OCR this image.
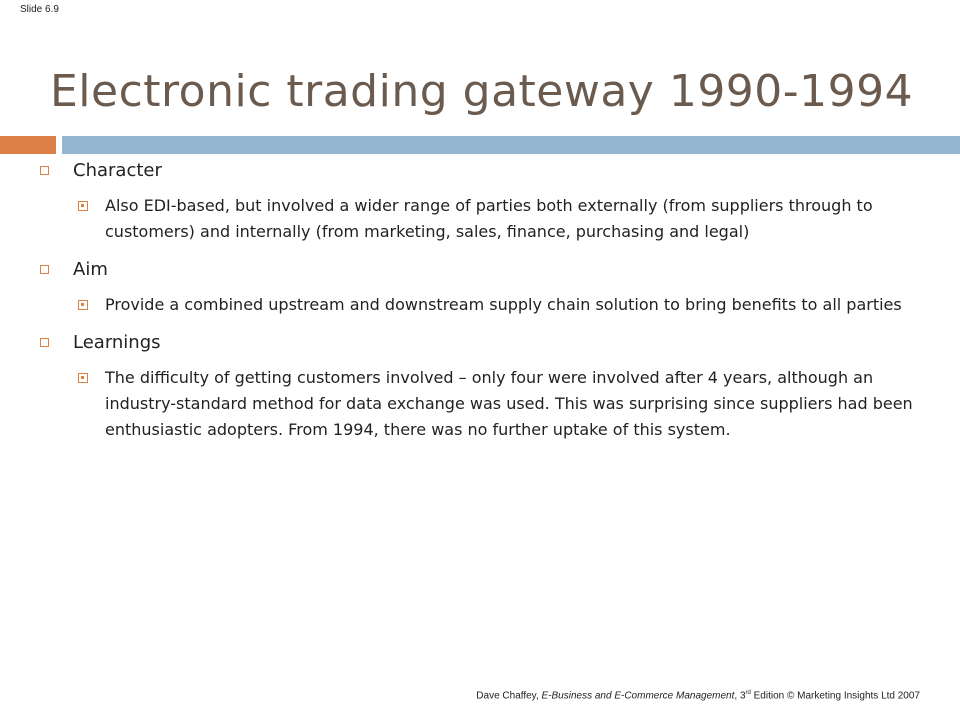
Slide 6.9
Electronic trading gateway 1990-1994
Character
Also EDI-based, but involved a wider range of parties both externally (from suppliers through to customers) and internally (from marketing, sales, finance, purchasing and legal)
Aim
Provide a combined upstream and downstream supply chain solution to bring benefits to all parties
Learnings
The difficulty of getting customers involved – only four were involved after 4 years, although an industry-standard method for data exchange was used. This was surprising since suppliers had been enthusiastic adopters. From 1994, there was no further uptake of this system.
Dave Chaffey, E-Business and E-Commerce Management, 3rd Edition © Marketing Insights Ltd 2007
